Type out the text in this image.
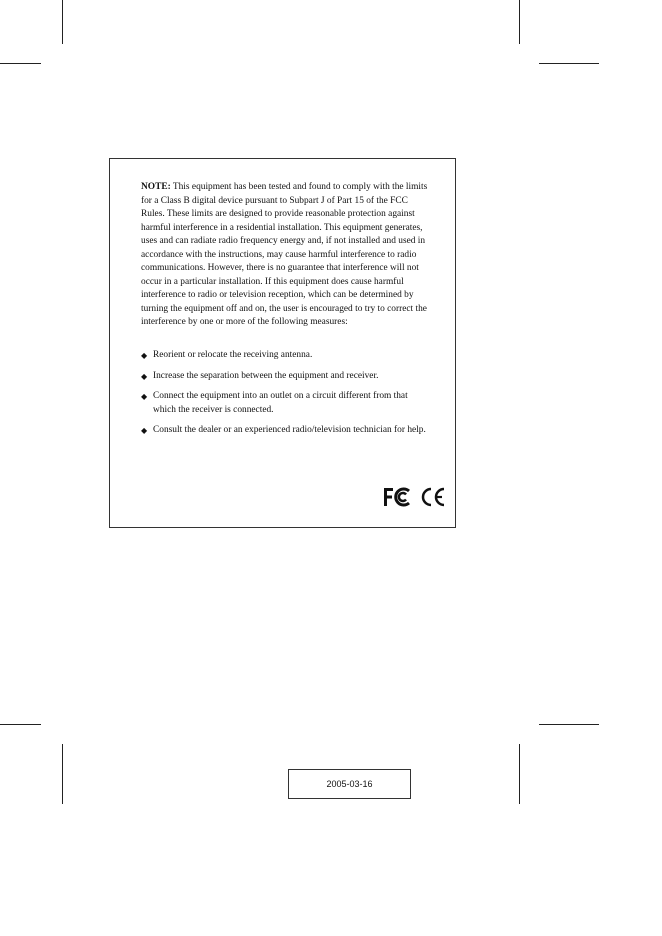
NOTE: This equipment has been tested and found to comply with the limits for a Class B digital device pursuant to Subpart J of Part 15 of the FCC Rules. These limits are designed to provide reasonable protection against harmful interference in a residential installation. This equipment generates, uses and can radiate radio frequency energy and, if not installed and used in accordance with the instructions, may cause harmful interference to radio communications. However, there is no guarantee that interference will not occur in a particular installation. If this equipment does cause harmful interference to radio or television reception, which can be determined by turning the equipment off and on, the user is encouraged to try to correct the interference by one or more of the following measures:

◆ Reorient or relocate the receiving antenna.
◆ Increase the separation between the equipment and receiver.
◆ Connect the equipment into an outlet on a circuit different from that which the receiver is connected.
◆ Consult the dealer or an experienced radio/television technician for help.
2005-03-16
